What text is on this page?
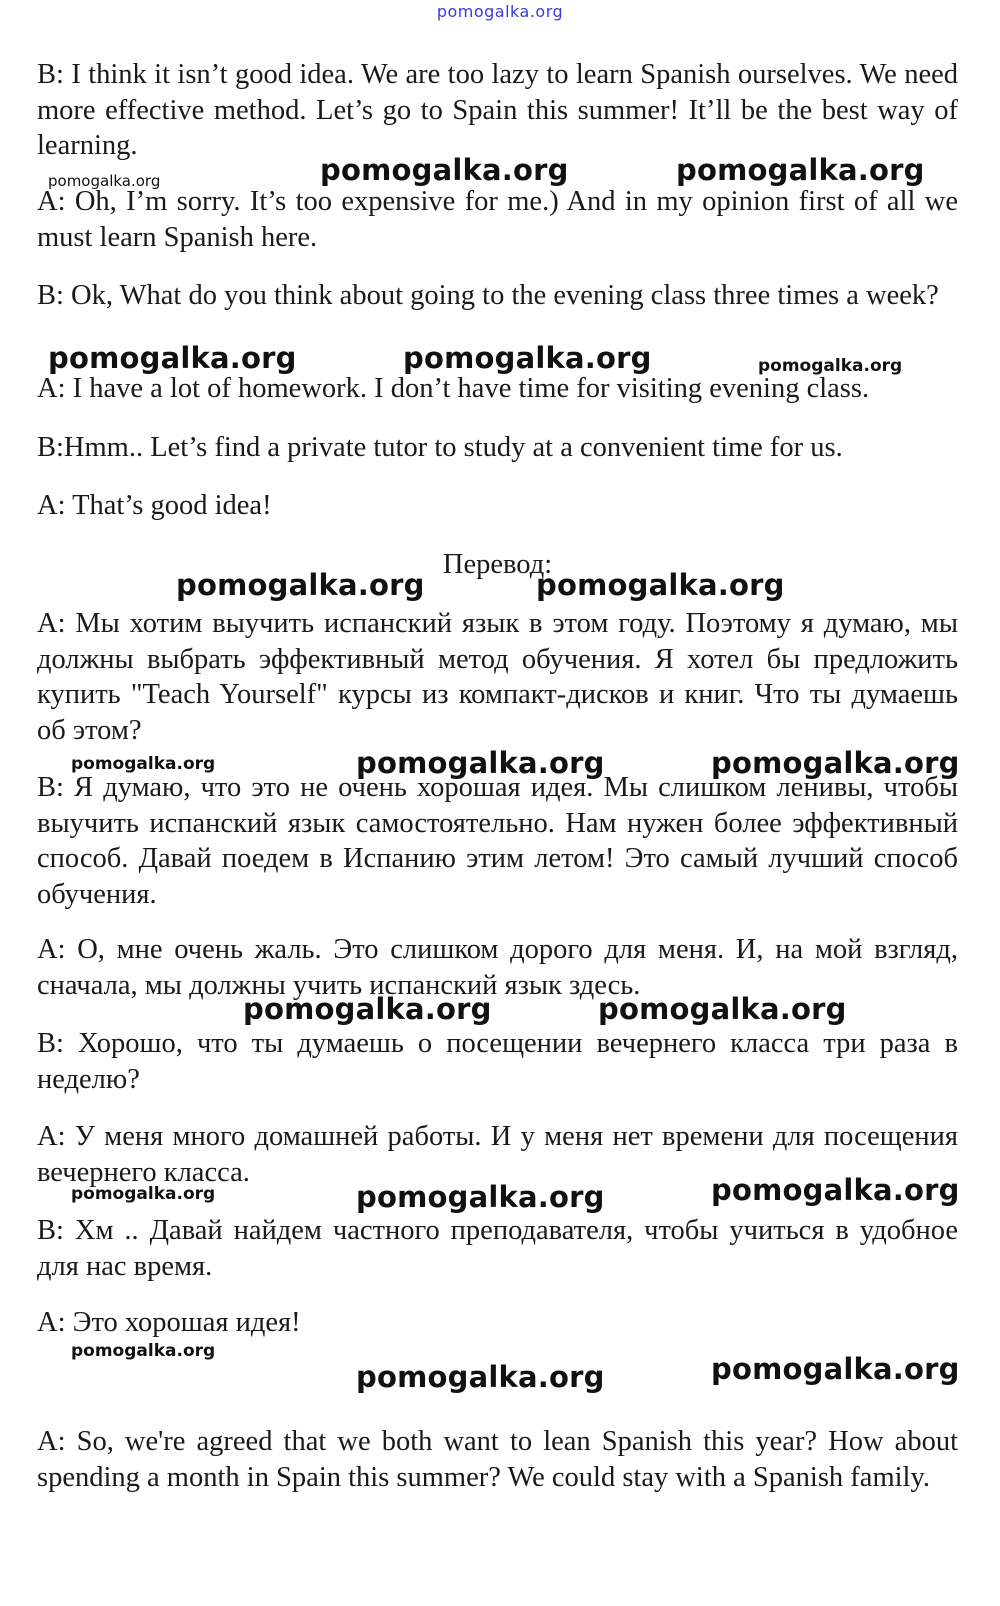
pomogalka.org

B: I think it isn’t good idea. We are too lazy to learn Spanish ourselves. We need more effective method. Let’s go to Spain this summer! It’ll be the best way of learning.

A: Oh, I’m sorry. It’s too expensive for me.) And in my opinion first of all we must learn Spanish here.

B: Ok, What do you think about going to the evening class three times a week?

A: I have a lot of homework. I don’t have time for visiting evening class.

B:Hmm.. Let’s find a private tutor to study at a convenient time for us.

A: That’s good idea!

Перевод:

A: Мы хотим выучить испанский язык в этом году. Поэтому я думаю, мы должны выбрать эффективный метод обучения. Я хотел бы предложить купить "Teach Yourself" курсы из компакт-дисков и книг. Что ты думаешь об этом?

B: Я думаю, что это не очень хорошая идея. Мы слишком ленивы, чтобы выучить испанский язык самостоятельно. Нам нужен более эффективный способ. Давай поедем в Испанию этим летом! Это самый лучший способ обучения.

A: О, мне очень жаль. Это слишком дорого для меня. И, на мой взгляд, сначала, мы должны учить испанский язык здесь.

B: Хорошо, что ты думаешь о посещении вечернего класса три раза в неделю?

A: У меня много домашней работы. И у меня нет времени для посещения вечернего класса.

B: Хм .. Давай найдем частного преподавателя, чтобы учиться в удобное для нас время.

A: Это хорошая идея!

A: So, we're agreed that we both want to lean Spanish this year? How about spending a month in Spain this summer? We could stay with a Spanish family.

pomogalka.org	pomogalka.org	pomogalka.org
pomogalka.org	pomogalka.org	pomogalka.org
pomogalka.org	pomogalka.org
pomogalka.org	pomogalka.org	pomogalka.org
pomogalka.org	pomogalka.org
pomogalka.org	pomogalka.org	pomogalka.org
pomogalka.org
pomogalka.org	pomogalka.org
